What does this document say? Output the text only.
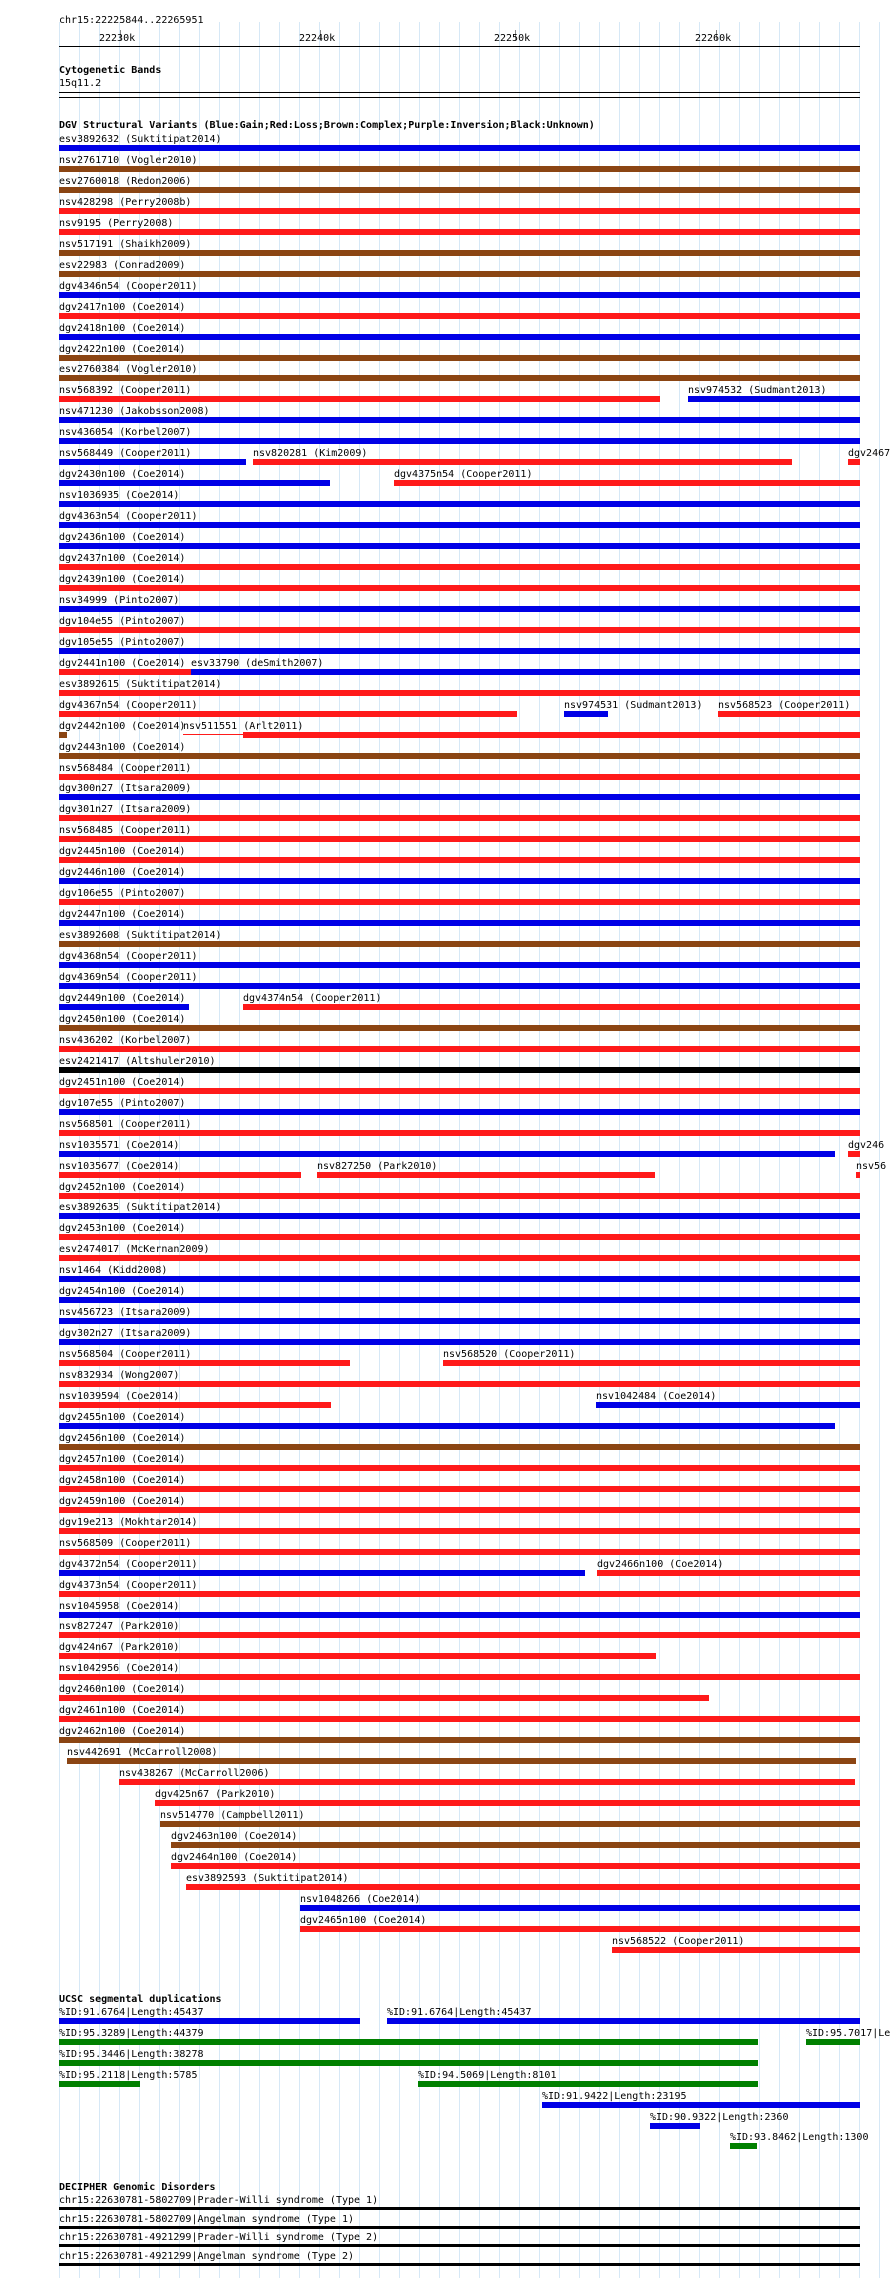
chr15:22225844..22265951
22230k	22240k	22250k	22260k
Cytogenetic Bands
15q11.2
DGV Structural Variants (Blue:Gain;Red:Loss;Brown:Complex;Purple:Inversion;Black:Unknown)
esv3892632 (Suktitipat2014)
nsv2761710 (Vogler2010)
esv2760018 (Redon2006)
nsv428298 (Perry2008b)
nsv9195 (Perry2008)
nsv517191 (Shaikh2009)
esv22983 (Conrad2009)
dgv4346n54 (Cooper2011)
dgv2417n100 (Coe2014)
dgv2418n100 (Coe2014)
dgv2422n100 (Coe2014)
esv2760384 (Vogler2010)
nsv568392 (Cooper2011)	nsv974532 (Sudmant2013)
nsv471230 (Jakobsson2008)
nsv436054 (Korbel2007)
nsv568449 (Cooper2011)	nsv820281 (Kim2009)	dgv2467
dgv2430n100 (Coe2014)	dgv4375n54 (Cooper2011)
nsv1036935 (Coe2014)
dgv4363n54 (Cooper2011)
dgv2436n100 (Coe2014)
dgv2437n100 (Coe2014)
dgv2439n100 (Coe2014)
nsv34999 (Pinto2007)
dgv104e55 (Pinto2007)
dgv105e55 (Pinto2007)
dgv2441n100 (Coe2014) esv33790 (deSmith2007)
esv3892615 (Suktitipat2014)
dgv4367n54 (Cooper2011)	nsv974531 (Sudmant2013) nsv568523 (Cooper2011)
dgv2442n100 (Coe2014)
nsv511551 (Arlt2011)
dgv2443n100 (Coe2014)
nsv568484 (Cooper2011)
dgv300n27 (Itsara2009)
dgv301n27 (Itsara2009)
nsv568485 (Cooper2011)
dgv2445n100 (Coe2014)
dgv2446n100 (Coe2014)
dgv106e55 (Pinto2007)
dgv2447n100 (Coe2014)
esv3892608 (Suktitipat2014)
dgv4368n54 (Cooper2011)
dgv4369n54 (Cooper2011)
dgv2449n100 (Coe2014)	dgv4374n54 (Cooper2011)
dgv2450n100 (Coe2014)
nsv436202 (Korbel2007)
esv2421417 (Altshuler2010)
dgv2451n100 (Coe2014)
dgv107e55 (Pinto2007)
nsv568501 (Cooper2011)
nsv1035571 (Coe2014)	dgv246
nsv1035677 (Coe2014)	nsv827250 (Park2010)	nsv56
dgv2452n100 (Coe2014)
esv3892635 (Suktitipat2014)
dgv2453n100 (Coe2014)
esv2474017 (McKernan2009)
nsv1464 (Kidd2008)
dgv2454n100 (Coe2014)
nsv456723 (Itsara2009)
dgv302n27 (Itsara2009)
nsv568504 (Cooper2011)	nsv568520 (Cooper2011)
nsv832934 (Wong2007)
nsv1039594 (Coe2014)	nsv1042484 (Coe2014)
dgv2455n100 (Coe2014)
dgv2456n100 (Coe2014)
dgv2457n100 (Coe2014)
dgv2458n100 (Coe2014)
dgv2459n100 (Coe2014)
dgv19e213 (Mokhtar2014)
nsv568509 (Cooper2011)
dgv4372n54 (Cooper2011)	dgv2466n100 (Coe2014)
dgv4373n54 (Cooper2011)
nsv1045958 (Coe2014)
nsv827247 (Park2010)
dgv424n67 (Park2010)
nsv1042956 (Coe2014)
dgv2460n100 (Coe2014)
dgv2461n100 (Coe2014)
dgv2462n100 (Coe2014)
nsv442691 (McCarroll2008)
nsv438267 (McCarroll2006)
dgv425n67 (Park2010)
nsv514770 (Campbell2011)
dgv2463n100 (Coe2014)
dgv2464n100 (Coe2014)
esv3892593 (Suktitipat2014)
nsv1048266 (Coe2014)
dgv2465n100 (Coe2014)
nsv568522 (Cooper2011)
UCSC segmental duplications
%ID:91.6764|Length:45437	%ID:91.6764|Length:45437
%ID:95.3289|Length:44379	%ID:95.7017|Le
%ID:95.3446|Length:38278
%ID:95.2118|Length:5785	%ID:94.5069|Length:8101
%ID:91.9422|Length:23195
%ID:90.9322|Length:2360
%ID:93.8462|Length:1300
DECIPHER Genomic Disorders
chr15:22630781-5802709|Prader-Willi syndrome (Type 1)
chr15:22630781-5802709|Angelman syndrome (Type 1)
chr15:22630781-4921299|Prader-Willi syndrome (Type 2)
chr15:22630781-4921299|Angelman syndrome (Type 2)
